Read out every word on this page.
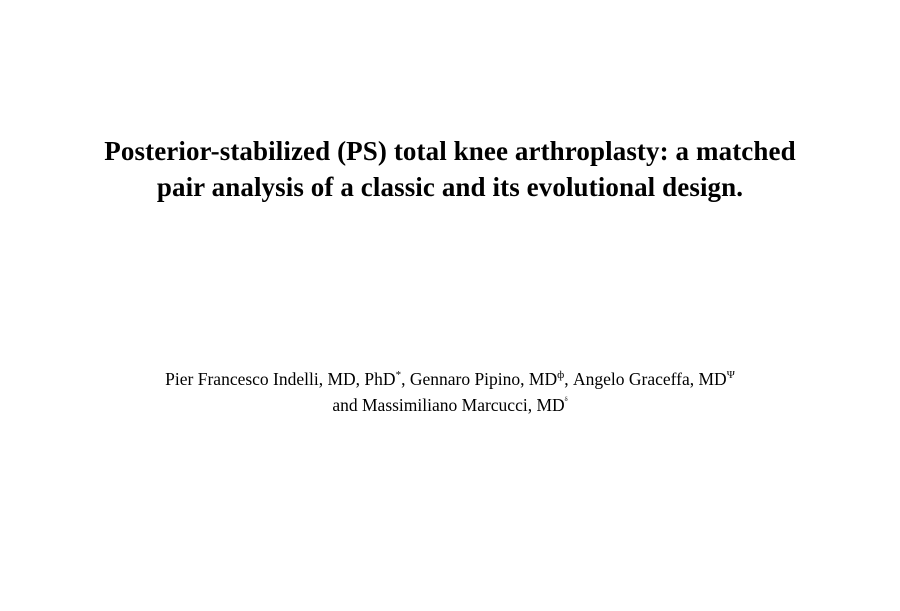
Posterior-stabilized (PS) total knee arthroplasty: a matched pair analysis of a classic and its evolutional design.

Pier Francesco Indelli, MD, PhD*, Gennaro Pipino, $MD^ф$, Angelo Graceffa, $MD^\Psi$

and Massimiliano Marcucci, $MD^ᵟ$
